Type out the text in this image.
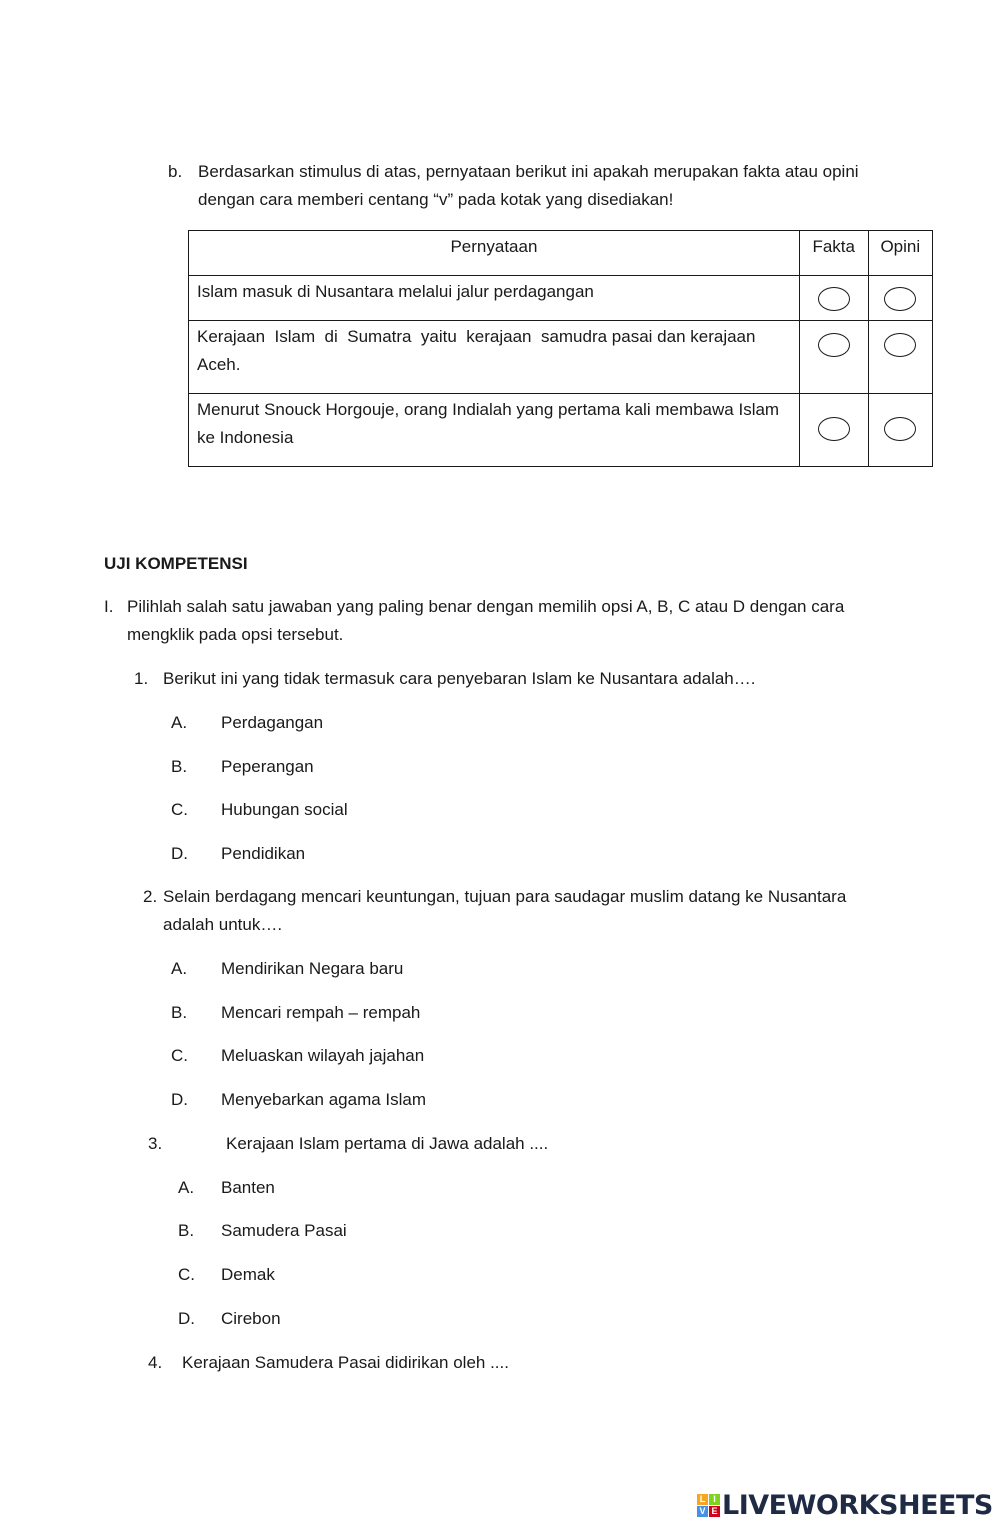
b. Berdasarkan stimulus di atas, pernyataan berikut ini apakah merupakan fakta atau opini dengan cara memberi centang “v” pada kotak yang disediakan!
Pernyataan	Fakta	Opini
Islam masuk di Nusantara melalui jalur perdagangan	

Kerajaan  Islam  di  Sumatra  yaitu  kerajaan  samudra pasai dan kerajaan Aceh.	

Menurut Snouck Horgouje, orang Indialah yang pertama kali membawa Islam ke Indonesia	

UJI KOMPETENSI
I. Pilihlah salah satu jawaban yang paling benar dengan memilih opsi A, B, C atau D dengan cara mengklik pada opsi tersebut.
1. Berikut ini yang tidak termasuk cara penyebaran Islam ke Nusantara adalah….
A. Perdagangan
B. Peperangan
C. Hubungan social
D. Pendidikan
2. Selain berdagang mencari keuntungan, tujuan para saudagar muslim datang ke Nusantara adalah untuk….
A. Mendirikan Negara baru
B. Mencari rempah – rempah
C. Meluaskan wilayah jajahan
D. Menyebarkan agama Islam
3.	Kerajaan Islam pertama di Jawa adalah ....
A. Banten
B. Samudera Pasai
C. Demak
D. Cirebon
4. Kerajaan Samudera Pasai didirikan oleh ....
L I
V E LIVEWORKSHEETS
